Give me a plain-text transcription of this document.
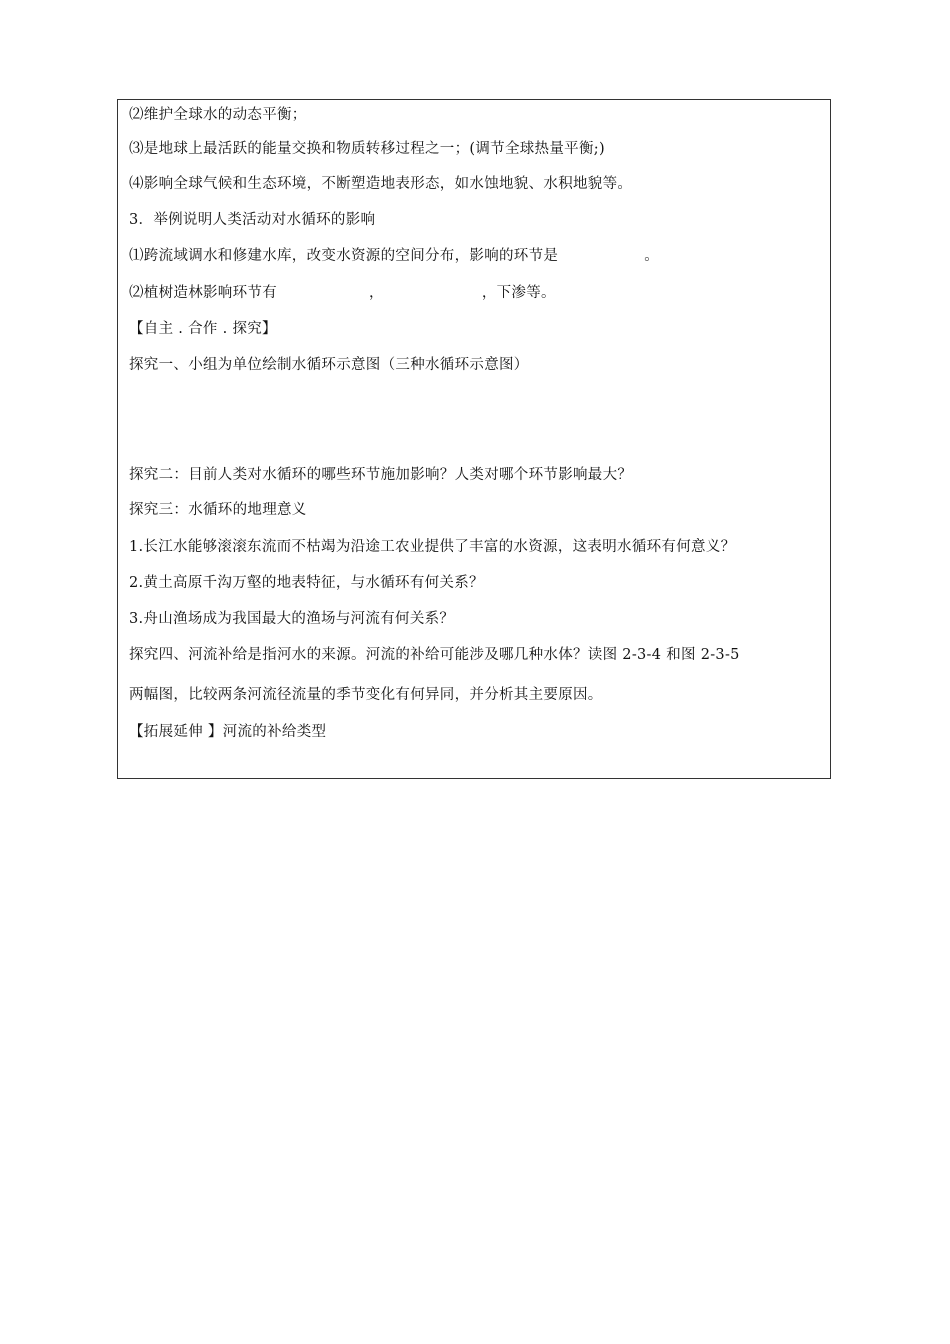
⑵维护全球水的动态平衡；
⑶是地球上最活跃的能量交换和物质转移过程之一；(调节全球热量平衡;)
⑷影响全球气候和生态环境，不断塑造地表形态，如水蚀地貌、水积地貌等。
3．举例说明人类活动对水循环的影响
⑴跨流域调水和修建水库，改变水资源的空间分布，影响的环节是	。
⑵植树造林影响环节有	，	，下渗等。
【自主 . 合作 . 探究】
探究一、小组为单位绘制水循环示意图（三种水循环示意图）
探究二：目前人类对水循环的哪些环节施加影响？人类对哪个环节影响最大？
探究三：水循环的地理意义
1.长江水能够滚滚东流而不枯竭为沿途工农业提供了丰富的水资源，这表明水循环有何意义？
2.黄土高原千沟万壑的地表特征，与水循环有何关系？
3.舟山渔场成为我国最大的渔场与河流有何关系？
探究四、河流补给是指河水的来源。河流的补给可能涉及哪几种水体？读图 2-3-4 和图 2-3-5
两幅图，比较两条河流径流量的季节变化有何异同，并分析其主要原因。
【拓展延伸 】河流的补给类型
